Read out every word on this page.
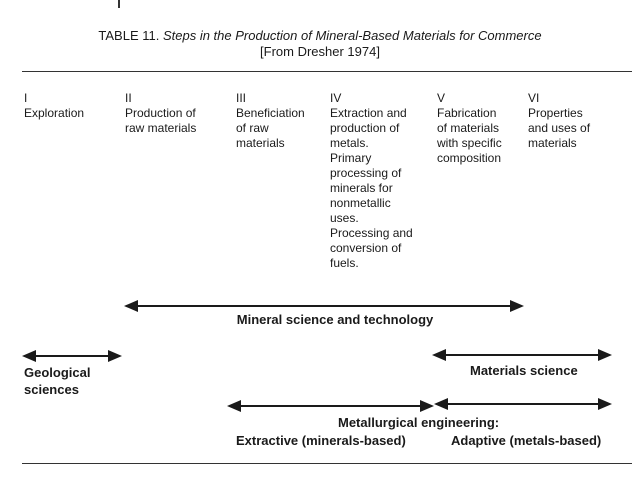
TABLE 11. Steps in the Production of Mineral-Based Materials for Commerce
[From Dresher 1974]
I
Exploration
II
Production of
raw materials
III
Beneficiation
of raw
materials
IV
Extraction and
production of
metals.
Primary
processing of
minerals for
nonmetallic
uses.
Processing and
conversion of
fuels.
V
Fabrication
of materials
with specific
composition
VI
Properties
and uses of
materials
Mineral science and technology
Geological
sciences
Materials science
Metallurgical engineering:
Extractive (minerals-based)	Adaptive (metals-based)
